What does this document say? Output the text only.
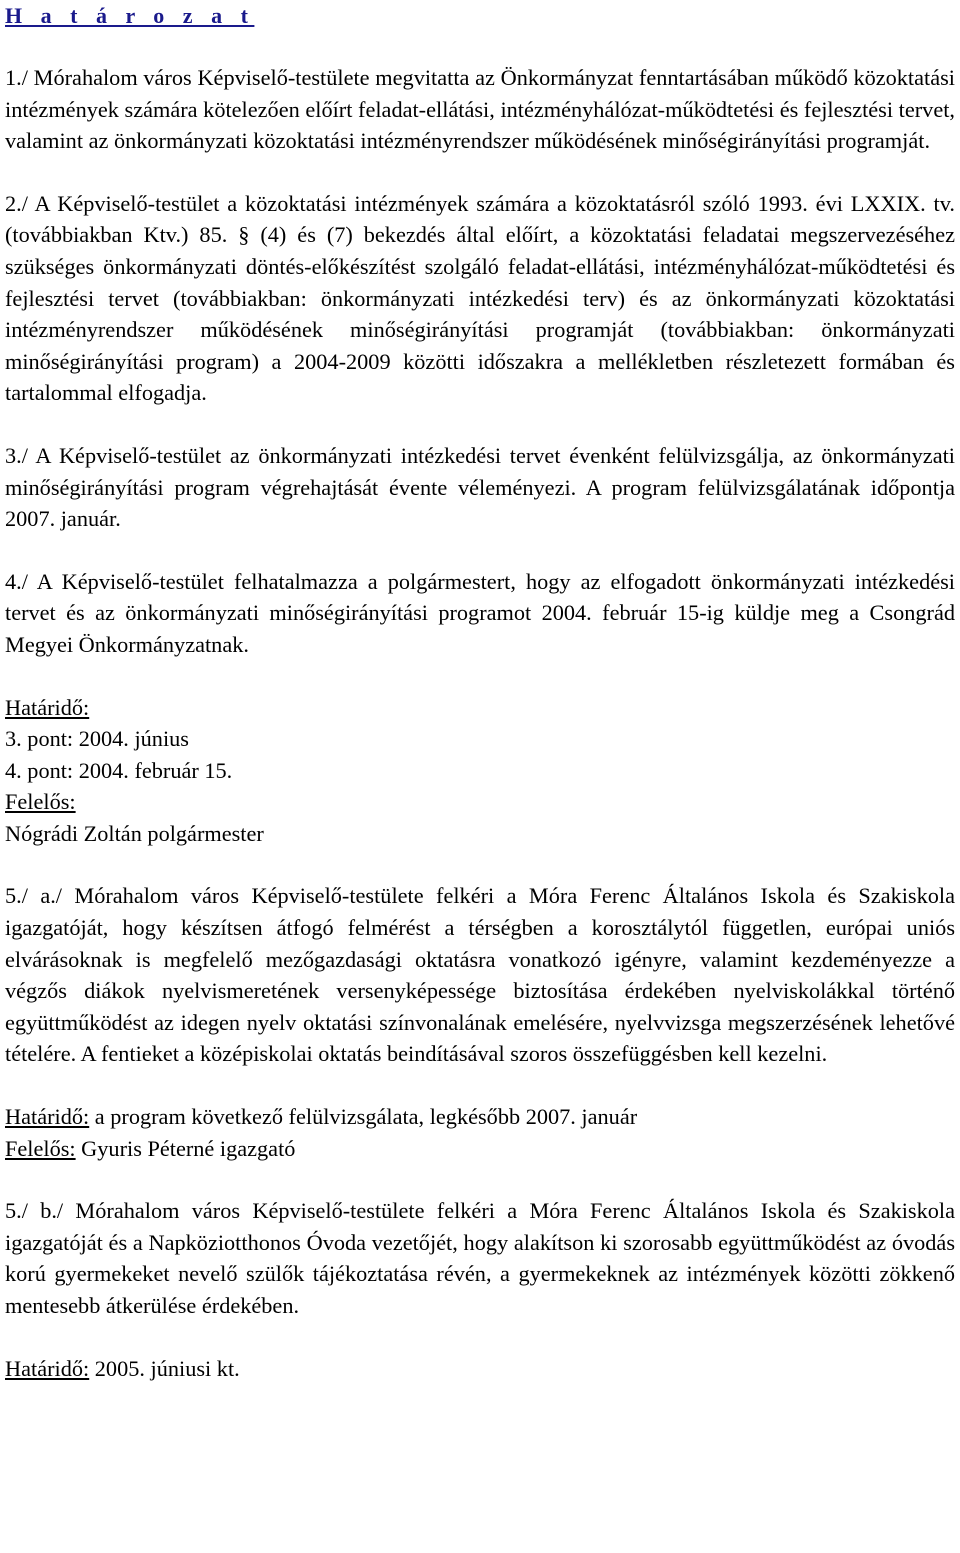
H a t á r o z a t

1./ Mórahalom város Képviselő-testülete megvitatta az Önkormányzat fenntartásában működő közoktatási intézmények számára kötelezően előírt feladat-ellátási, intézményhálózat-működtetési és fejlesztési tervet, valamint az önkormányzati közoktatási intézményrendszer működésének minőségirányítási programját.

2./ A Képviselő-testület a közoktatási intézmények számára a közoktatásról szóló 1993. évi LXXIX. tv. (továbbiakban Ktv.) 85. § (4) és (7) bekezdés által előírt, a közoktatási feladatai megszervezéséhez szükséges önkormányzati döntés-előkészítést szolgáló feladat-ellátási, intézményhálózat-működtetési és fejlesztési tervet (továbbiakban: önkormányzati intézkedési terv) és az önkormányzati közoktatási intézményrendszer működésének minőségirányítási programját (továbbiakban: önkormányzati minőségirányítási program) a 2004-2009 közötti időszakra a mellékletben részletezett formában és tartalommal elfogadja.

3./ A Képviselő-testület az önkormányzati intézkedési tervet évenként felülvizsgálja, az önkormányzati minőségirányítási program végrehajtását évente véleményezi. A program felülvizsgálatának időpontja 2007. január.

4./ A Képviselő-testület felhatalmazza a polgármestert, hogy az elfogadott önkormányzati intézkedési tervet és az önkormányzati minőségirányítási programot 2004. február 15-ig küldje meg a Csongrád Megyei Önkormányzatnak.

Határidő:

3. pont: 2004. június

4. pont: 2004. február 15.

Felelős:

Nógrádi Zoltán polgármester

5./ a./ Mórahalom város Képviselő-testülete felkéri a Móra Ferenc Általános Iskola és Szakiskola igazgatóját, hogy készítsen átfogó felmérést a térségben a korosztálytól független, európai uniós elvárásoknak is megfelelő mezőgazdasági oktatásra vonatkozó igényre, valamint kezdeményezze a végzős diákok nyelvismeretének versenyképessége biztosítása érdekében nyelviskolákkal történő együttműködést az idegen nyelv oktatási színvonalának emelésére, nyelvvizsga megszerzésének lehetővé tételére. A fentieket a középiskolai oktatás beindításával szoros összefüggésben kell kezelni.

Határidő: a program következő felülvizsgálata, legkésőbb 2007. január

Felelős: Gyuris Péterné igazgató

5./ b./ Mórahalom város Képviselő-testülete felkéri a Móra Ferenc Általános Iskola és Szakiskola igazgatóját és a Napköziotthonos Óvoda vezetőjét, hogy alakítson ki szorosabb együttműködést az óvodás korú gyermekeket nevelő szülők tájékoztatása révén, a gyermekeknek az intézmények közötti zökkenő mentesebb átkerülése érdekében.

Határidő: 2005. júniusi kt.
